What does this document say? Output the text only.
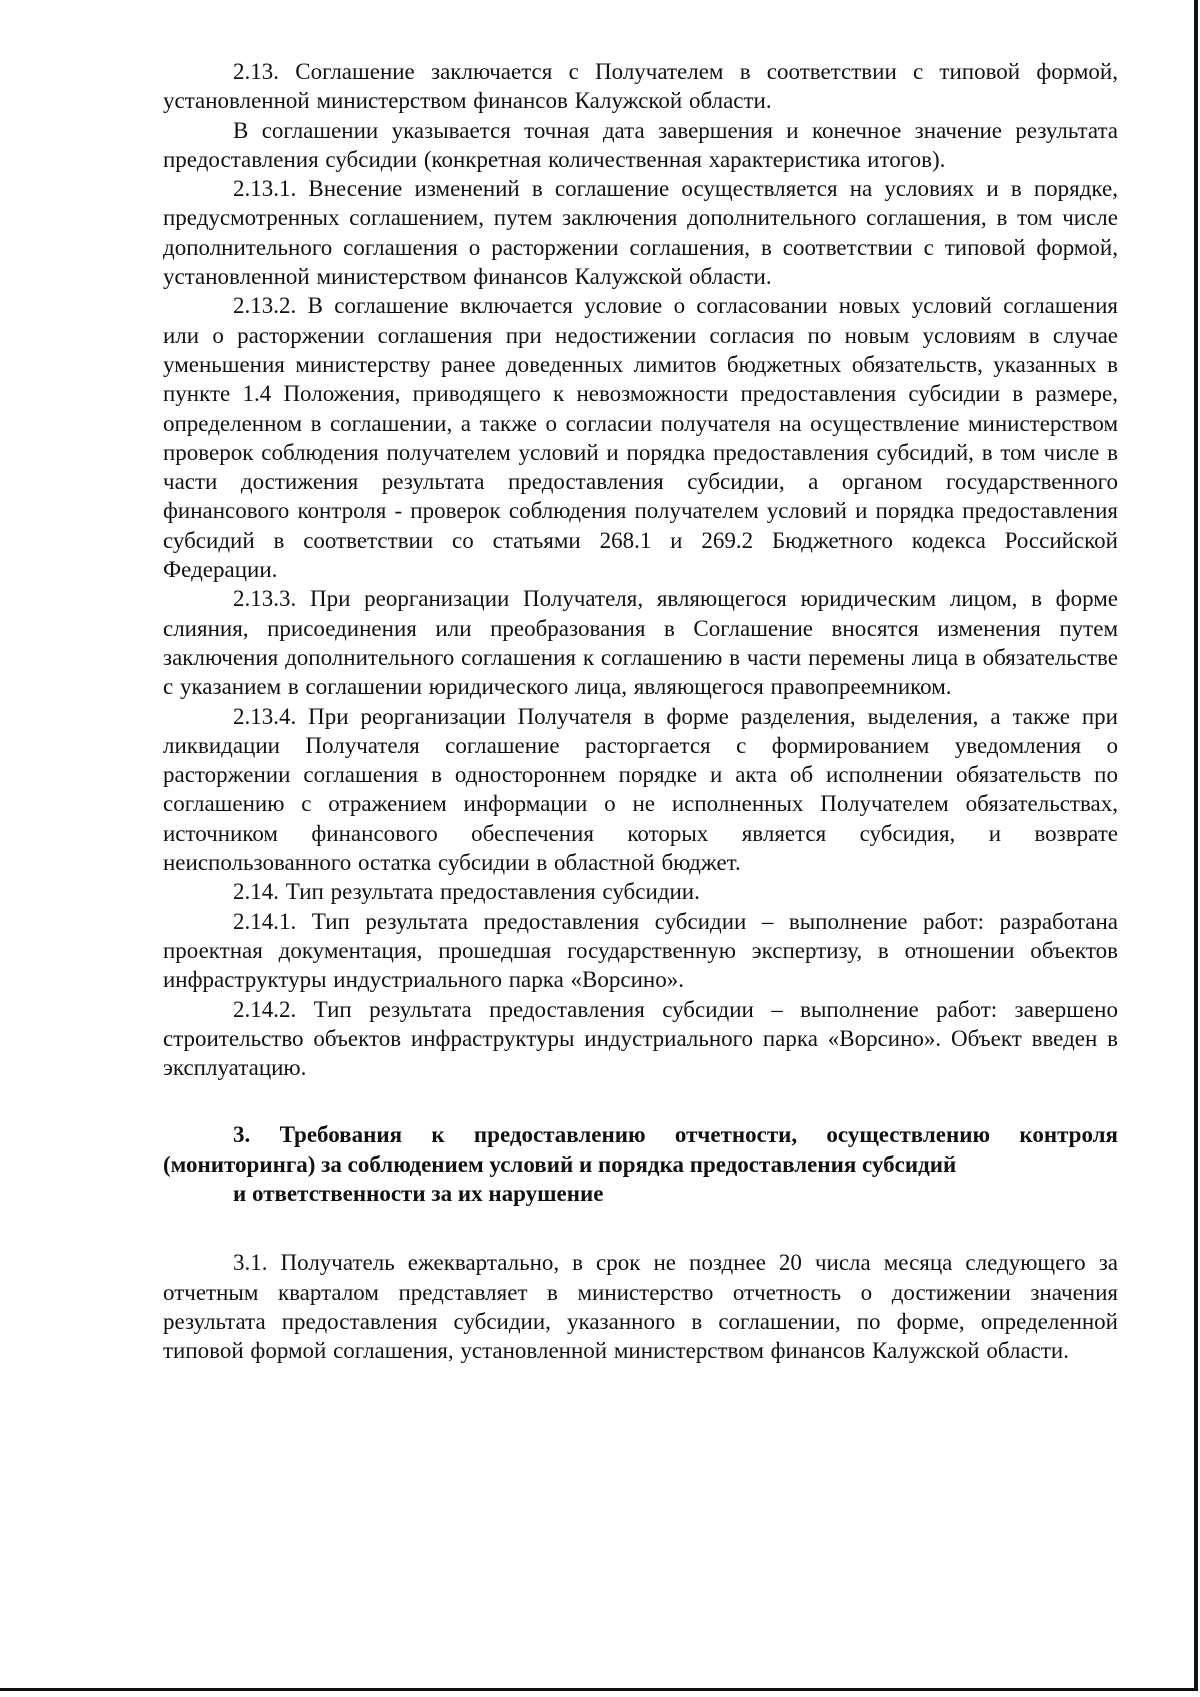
2.13. Соглашение заключается с Получателем в соответствии с типовой формой, установленной министерством финансов Калужской области.

В соглашении указывается точная дата завершения и конечное значение результата предоставления субсидии (конкретная количественная характеристика итогов).

2.13.1. Внесение изменений в соглашение осуществляется на условиях и в порядке, предусмотренных соглашением, путем заключения дополнительного соглашения, в том числе дополнительного соглашения о расторжении соглашения, в соответствии с типовой формой, установленной министерством финансов Калужской области.

2.13.2. В соглашение включается условие о согласовании новых условий соглашения или о расторжении соглашения при недостижении согласия по новым условиям в случае уменьшения министерству ранее доведенных лимитов бюджетных обязательств, указанных в пункте 1.4 Положения, приводящего к невозможности предоставления субсидии в размере, определенном в соглашении, а также о согласии получателя на осуществление министерством проверок соблюдения получателем условий и порядка предоставления субсидий, в том числе в части достижения результата предоставления субсидии, а органом государственного финансового контроля - проверок соблюдения получателем условий и порядка предоставления субсидий в соответствии со статьями 268.1 и 269.2 Бюджетного кодекса Российской Федерации.

2.13.3. При реорганизации Получателя, являющегося юридическим лицом, в форме слияния, присоединения или преобразования в Соглашение вносятся изменения путем заключения дополнительного соглашения к соглашению в части перемены лица в обязательстве с указанием в соглашении юридического лица, являющегося правопреемником.

2.13.4. При реорганизации Получателя в форме разделения, выделения, а также при ликвидации Получателя соглашение расторгается с формированием уведомления о расторжении соглашения в одностороннем порядке и акта об исполнении обязательств по соглашению с отражением информации о не исполненных Получателем обязательствах, источником финансового обеспечения которых является субсидия, и возврате неиспользованного остатка субсидии в областной бюджет.

2.14. Тип результата предоставления субсидии.

2.14.1. Тип результата предоставления субсидии – выполнение работ: разработана проектная документация, прошедшая государственную экспертизу, в отношении объектов инфраструктуры индустриального парка «Ворсино».

2.14.2. Тип результата предоставления субсидии – выполнение работ: завершено строительство объектов инфраструктуры индустриального парка «Ворсино». Объект введен в эксплуатацию.

3. Требования к предоставлению отчетности, осуществлению контроля
(мониторинга) за соблюдением условий и порядка предоставления субсидий
и ответственности за их нарушение

3.1. Получатель ежеквартально, в срок не позднее 20 числа месяца следующего за отчетным кварталом представляет в министерство отчетность о достижении значения результата предоставления субсидии, указанного в соглашении, по форме, определенной типовой формой соглашения, установленной министерством финансов Калужской области.
